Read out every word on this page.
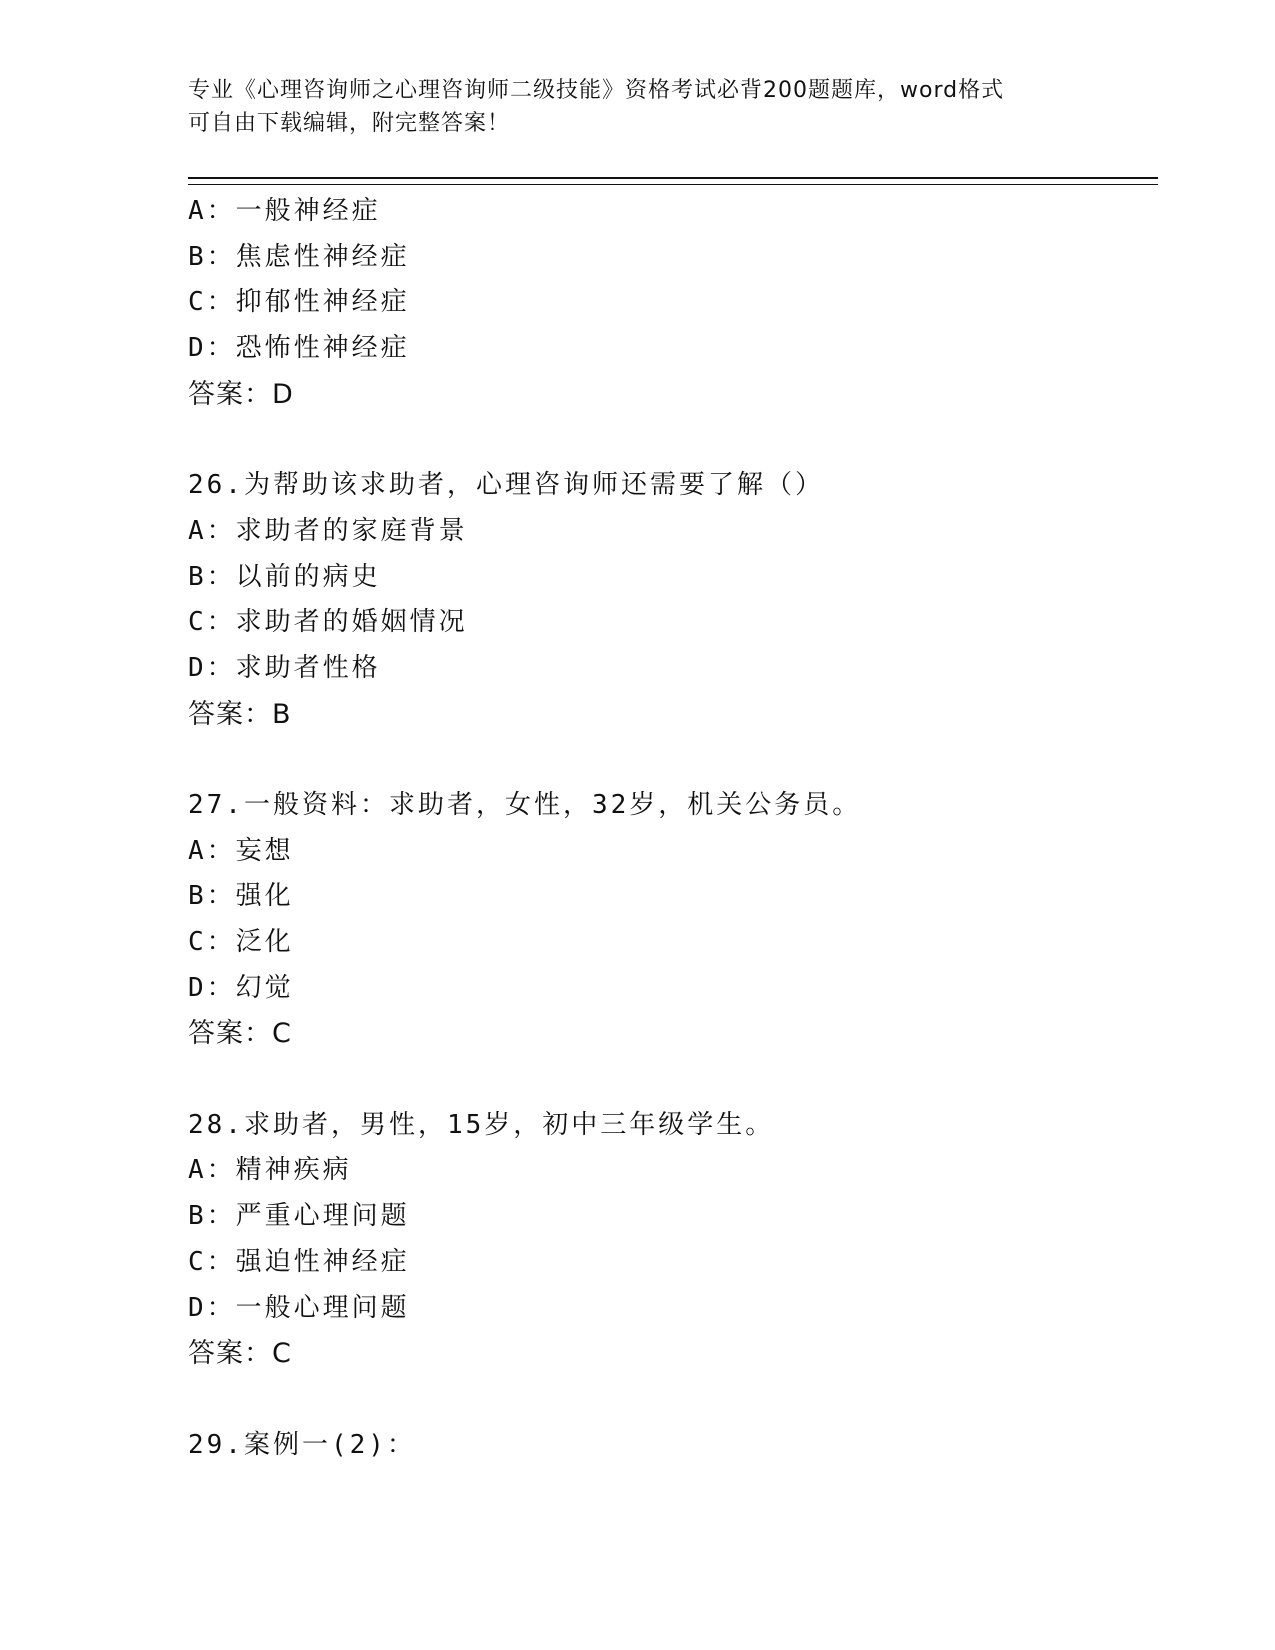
专业《心理咨询师之心理咨询师二级技能》资格考试必背200题题库，word格式
可自由下载编辑，附完整答案！
A：一般神经症
B：焦虑性神经症
C：抑郁性神经症
D：恐怖性神经症
答案：D
26.为帮助该求助者，心理咨询师还需要了解（）
A：求助者的家庭背景
B：以前的病史
C：求助者的婚姻情况
D：求助者性格
答案：B
27.一般资料：求助者，女性，32岁，机关公务员。
A：妄想
B：强化
C：泛化
D：幻觉
答案：C
28.求助者，男性，15岁，初中三年级学生。
A：精神疾病
B：严重心理问题
C：强迫性神经症
D：一般心理问题
答案：C
29.案例一(2)：
